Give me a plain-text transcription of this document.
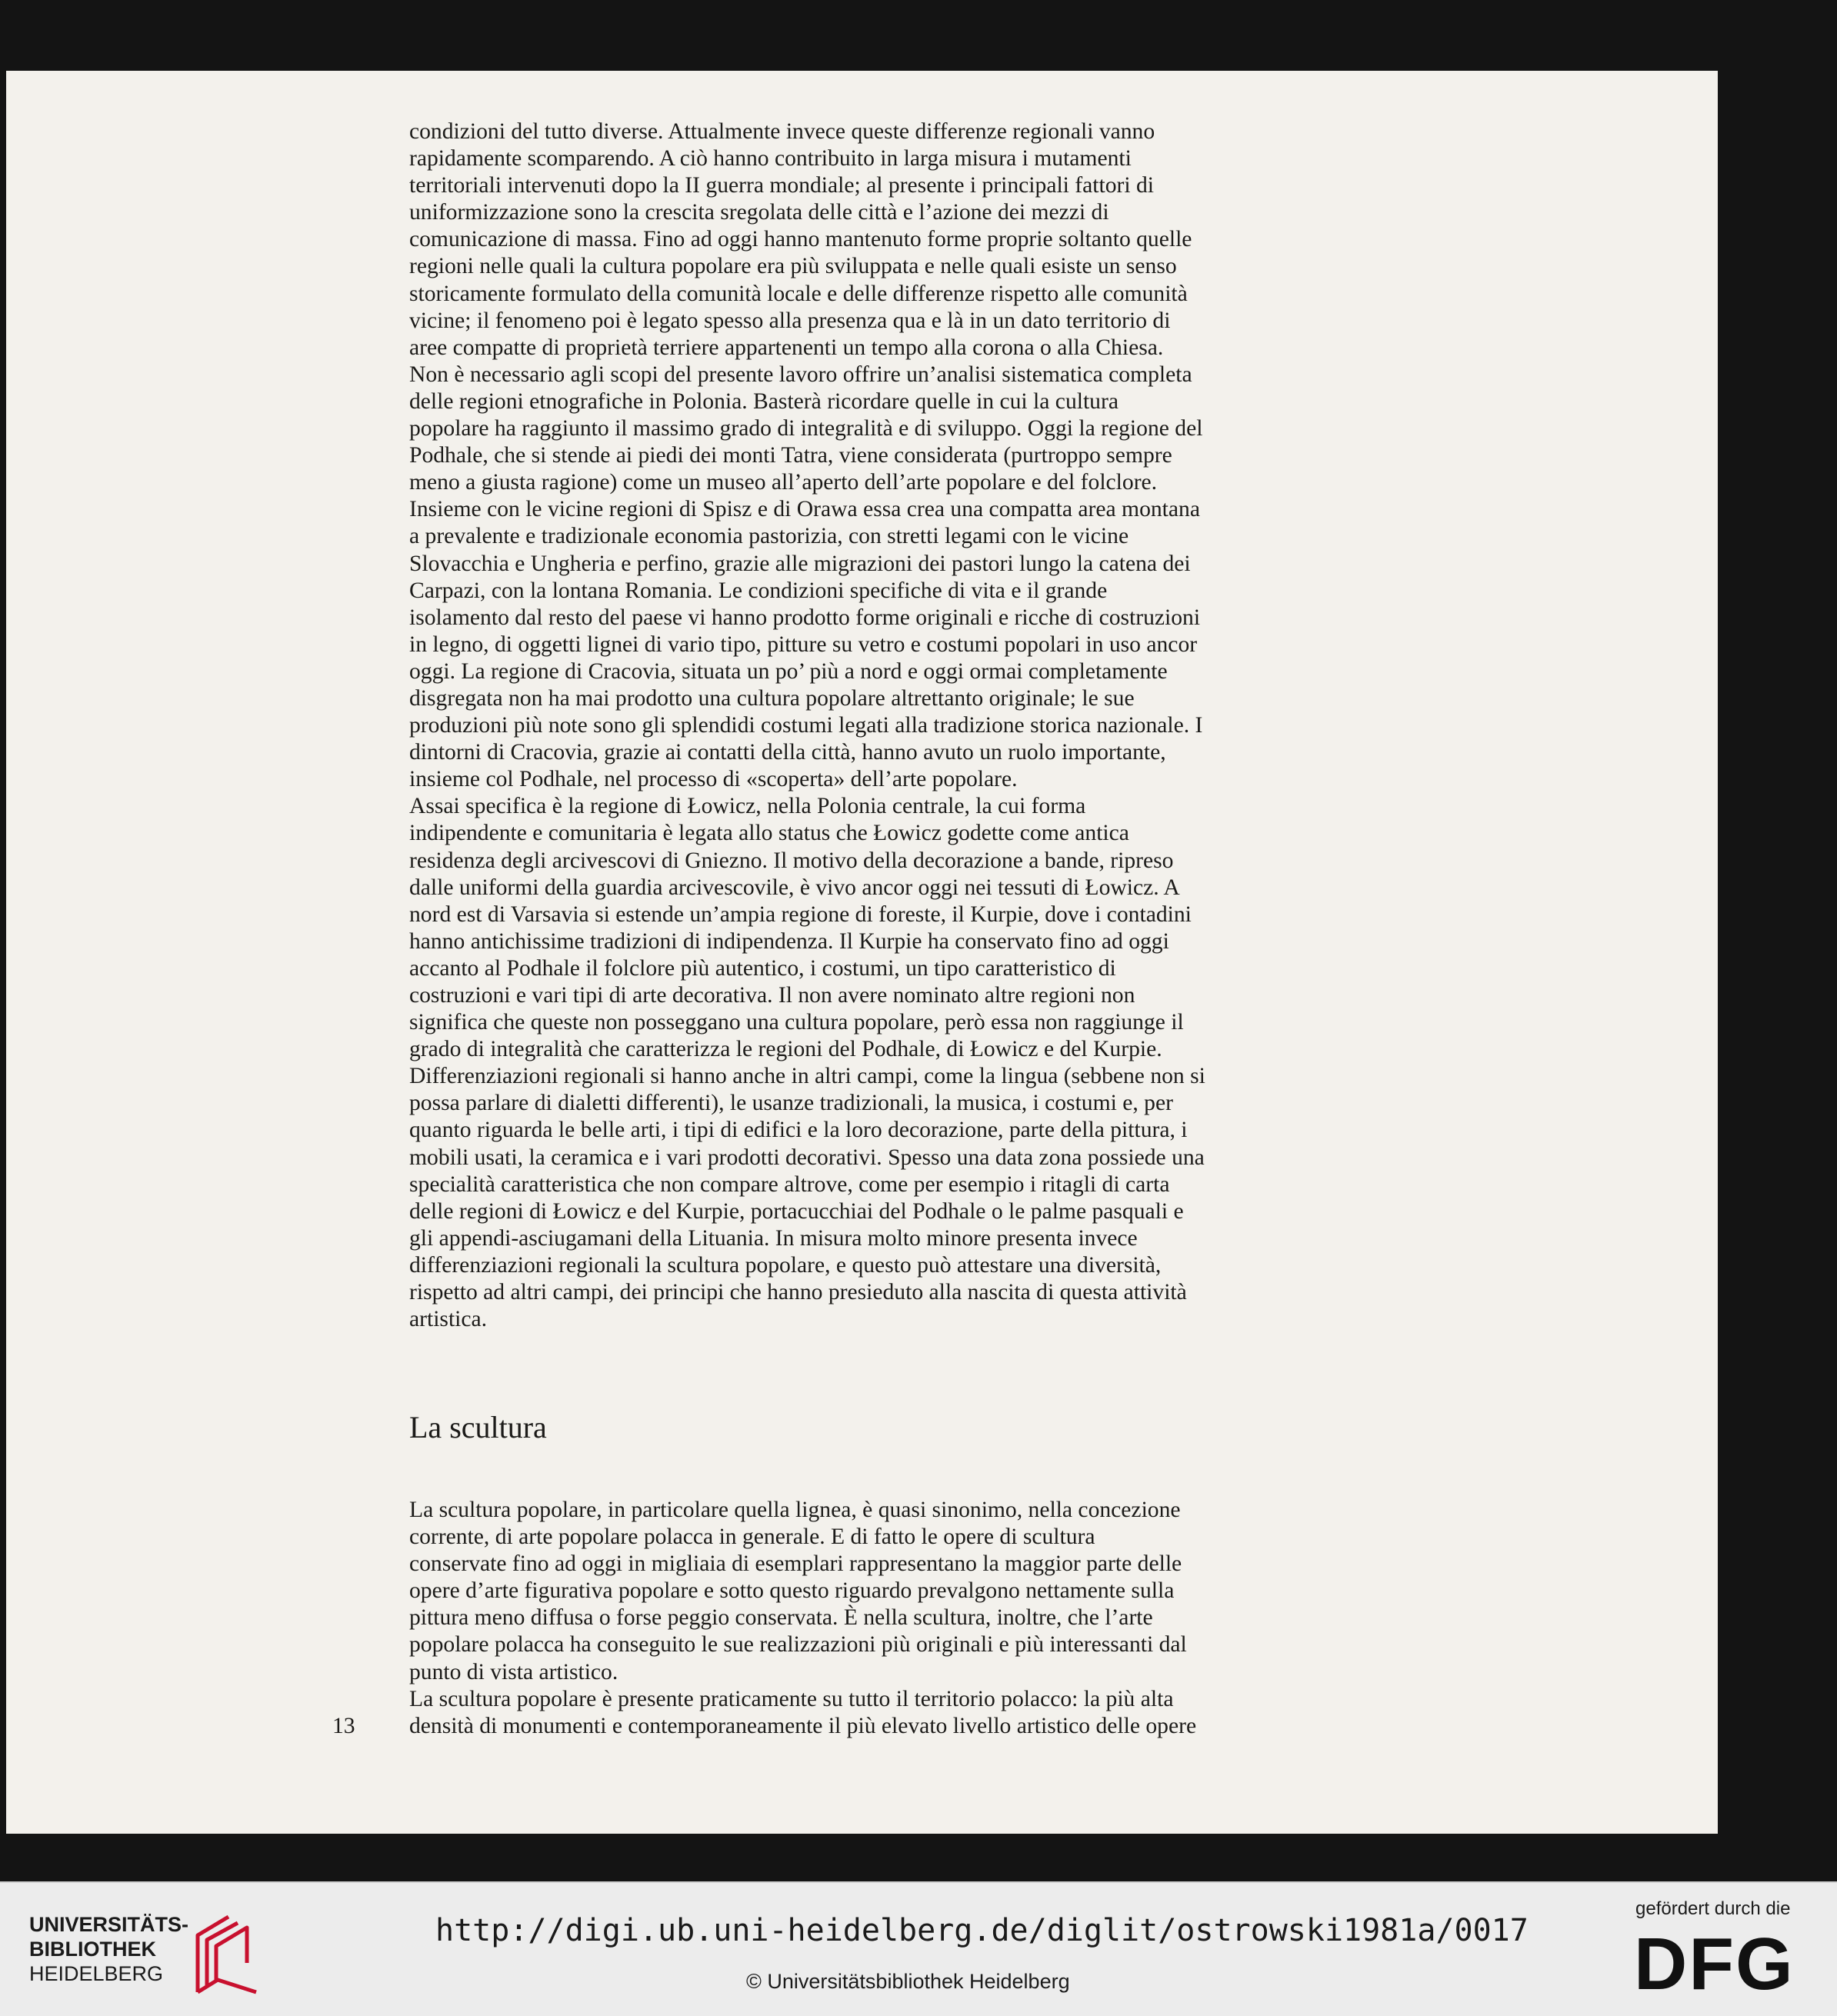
condizioni del tutto diverse. Attualmente invece queste differenze regionali vanno
rapidamente scomparendo. A ciò hanno contribuito in larga misura i mutamenti
territoriali intervenuti dopo la II guerra mondiale; al presente i principali fattori di
uniformizzazione sono la crescita sregolata delle città e l’azione dei mezzi di
comunicazione di massa. Fino ad oggi hanno mantenuto forme proprie soltanto quelle
regioni nelle quali la cultura popolare era più sviluppata e nelle quali esiste un senso
storicamente formulato della comunità locale e delle differenze rispetto alle comunità
vicine; il fenomeno poi è legato spesso alla presenza qua e là in un dato territorio di
aree compatte di proprietà terriere appartenenti un tempo alla corona o alla Chiesa.
Non è necessario agli scopi del presente lavoro offrire un’analisi sistematica completa
delle regioni etnografiche in Polonia. Basterà ricordare quelle in cui la cultura
popolare ha raggiunto il massimo grado di integralità e di sviluppo. Oggi la regione del
Podhale, che si stende ai piedi dei monti Tatra, viene considerata (purtroppo sempre
meno a giusta ragione) come un museo all’aperto dell’arte popolare e del folclore.
Insieme con le vicine regioni di Spisz e di Orawa essa crea una compatta area montana
a prevalente e tradizionale economia pastorizia, con stretti legami con le vicine
Slovacchia e Ungheria e perfino, grazie alle migrazioni dei pastori lungo la catena dei
Carpazi, con la lontana Romania. Le condizioni specifiche di vita e il grande
isolamento dal resto del paese vi hanno prodotto forme originali e ricche di costruzioni
in legno, di oggetti lignei di vario tipo, pitture su vetro e costumi popolari in uso ancor
oggi. La regione di Cracovia, situata un po’ più a nord e oggi ormai completamente
disgregata non ha mai prodotto una cultura popolare altrettanto originale; le sue
produzioni più note sono gli splendidi costumi legati alla tradizione storica nazionale. I
dintorni di Cracovia, grazie ai contatti della città, hanno avuto un ruolo importante,
insieme col Podhale, nel processo di «scoperta» dell’arte popolare.
Assai specifica è la regione di Łowicz, nella Polonia centrale, la cui forma
indipendente e comunitaria è legata allo status che Łowicz godette come antica
residenza degli arcivescovi di Gniezno. Il motivo della decorazione a bande, ripreso
dalle uniformi della guardia arcivescovile, è vivo ancor oggi nei tessuti di Łowicz. A
nord est di Varsavia si estende un’ampia regione di foreste, il Kurpie, dove i contadini
hanno antichissime tradizioni di indipendenza. Il Kurpie ha conservato fino ad oggi
accanto al Podhale il folclore più autentico, i costumi, un tipo caratteristico di
costruzioni e vari tipi di arte decorativa. Il non avere nominato altre regioni non
significa che queste non posseggano una cultura popolare, però essa non raggiunge il
grado di integralità che caratterizza le regioni del Podhale, di Łowicz e del Kurpie.
Differenziazioni regionali si hanno anche in altri campi, come la lingua (sebbene non si
possa parlare di dialetti differenti), le usanze tradizionali, la musica, i costumi e, per
quanto riguarda le belle arti, i tipi di edifici e la loro decorazione, parte della pittura, i
mobili usati, la ceramica e i vari prodotti decorativi. Spesso una data zona possiede una
specialità caratteristica che non compare altrove, come per esempio i ritagli di carta
delle regioni di Łowicz e del Kurpie, portacucchiai del Podhale o le palme pasquali e
gli appendi-asciugamani della Lituania. In misura molto minore presenta invece
differenziazioni regionali la scultura popolare, e questo può attestare una diversità,
rispetto ad altri campi, dei principi che hanno presieduto alla nascita di questa attività
artistica.
La scultura
La scultura popolare, in particolare quella lignea, è quasi sinonimo, nella concezione
corrente, di arte popolare polacca in generale. E di fatto le opere di scultura
conservate fino ad oggi in migliaia di esemplari rappresentano la maggior parte delle
opere d’arte figurativa popolare e sotto questo riguardo prevalgono nettamente sulla
pittura meno diffusa o forse peggio conservata. È nella scultura, inoltre, che l’arte
popolare polacca ha conseguito le sue realizzazioni più originali e più interessanti dal
punto di vista artistico.
La scultura popolare è presente praticamente su tutto il territorio polacco: la più alta
densità di monumenti e contemporaneamente il più elevato livello artistico delle opere
13
UNIVERSITÄTS-
BIBLIOTHEK
HEIDELBERG
http://digi.ub.uni-heidelberg.de/diglit/ostrowski1981a/0017
© Universitätsbibliothek Heidelberg
gefördert durch die
DFG
